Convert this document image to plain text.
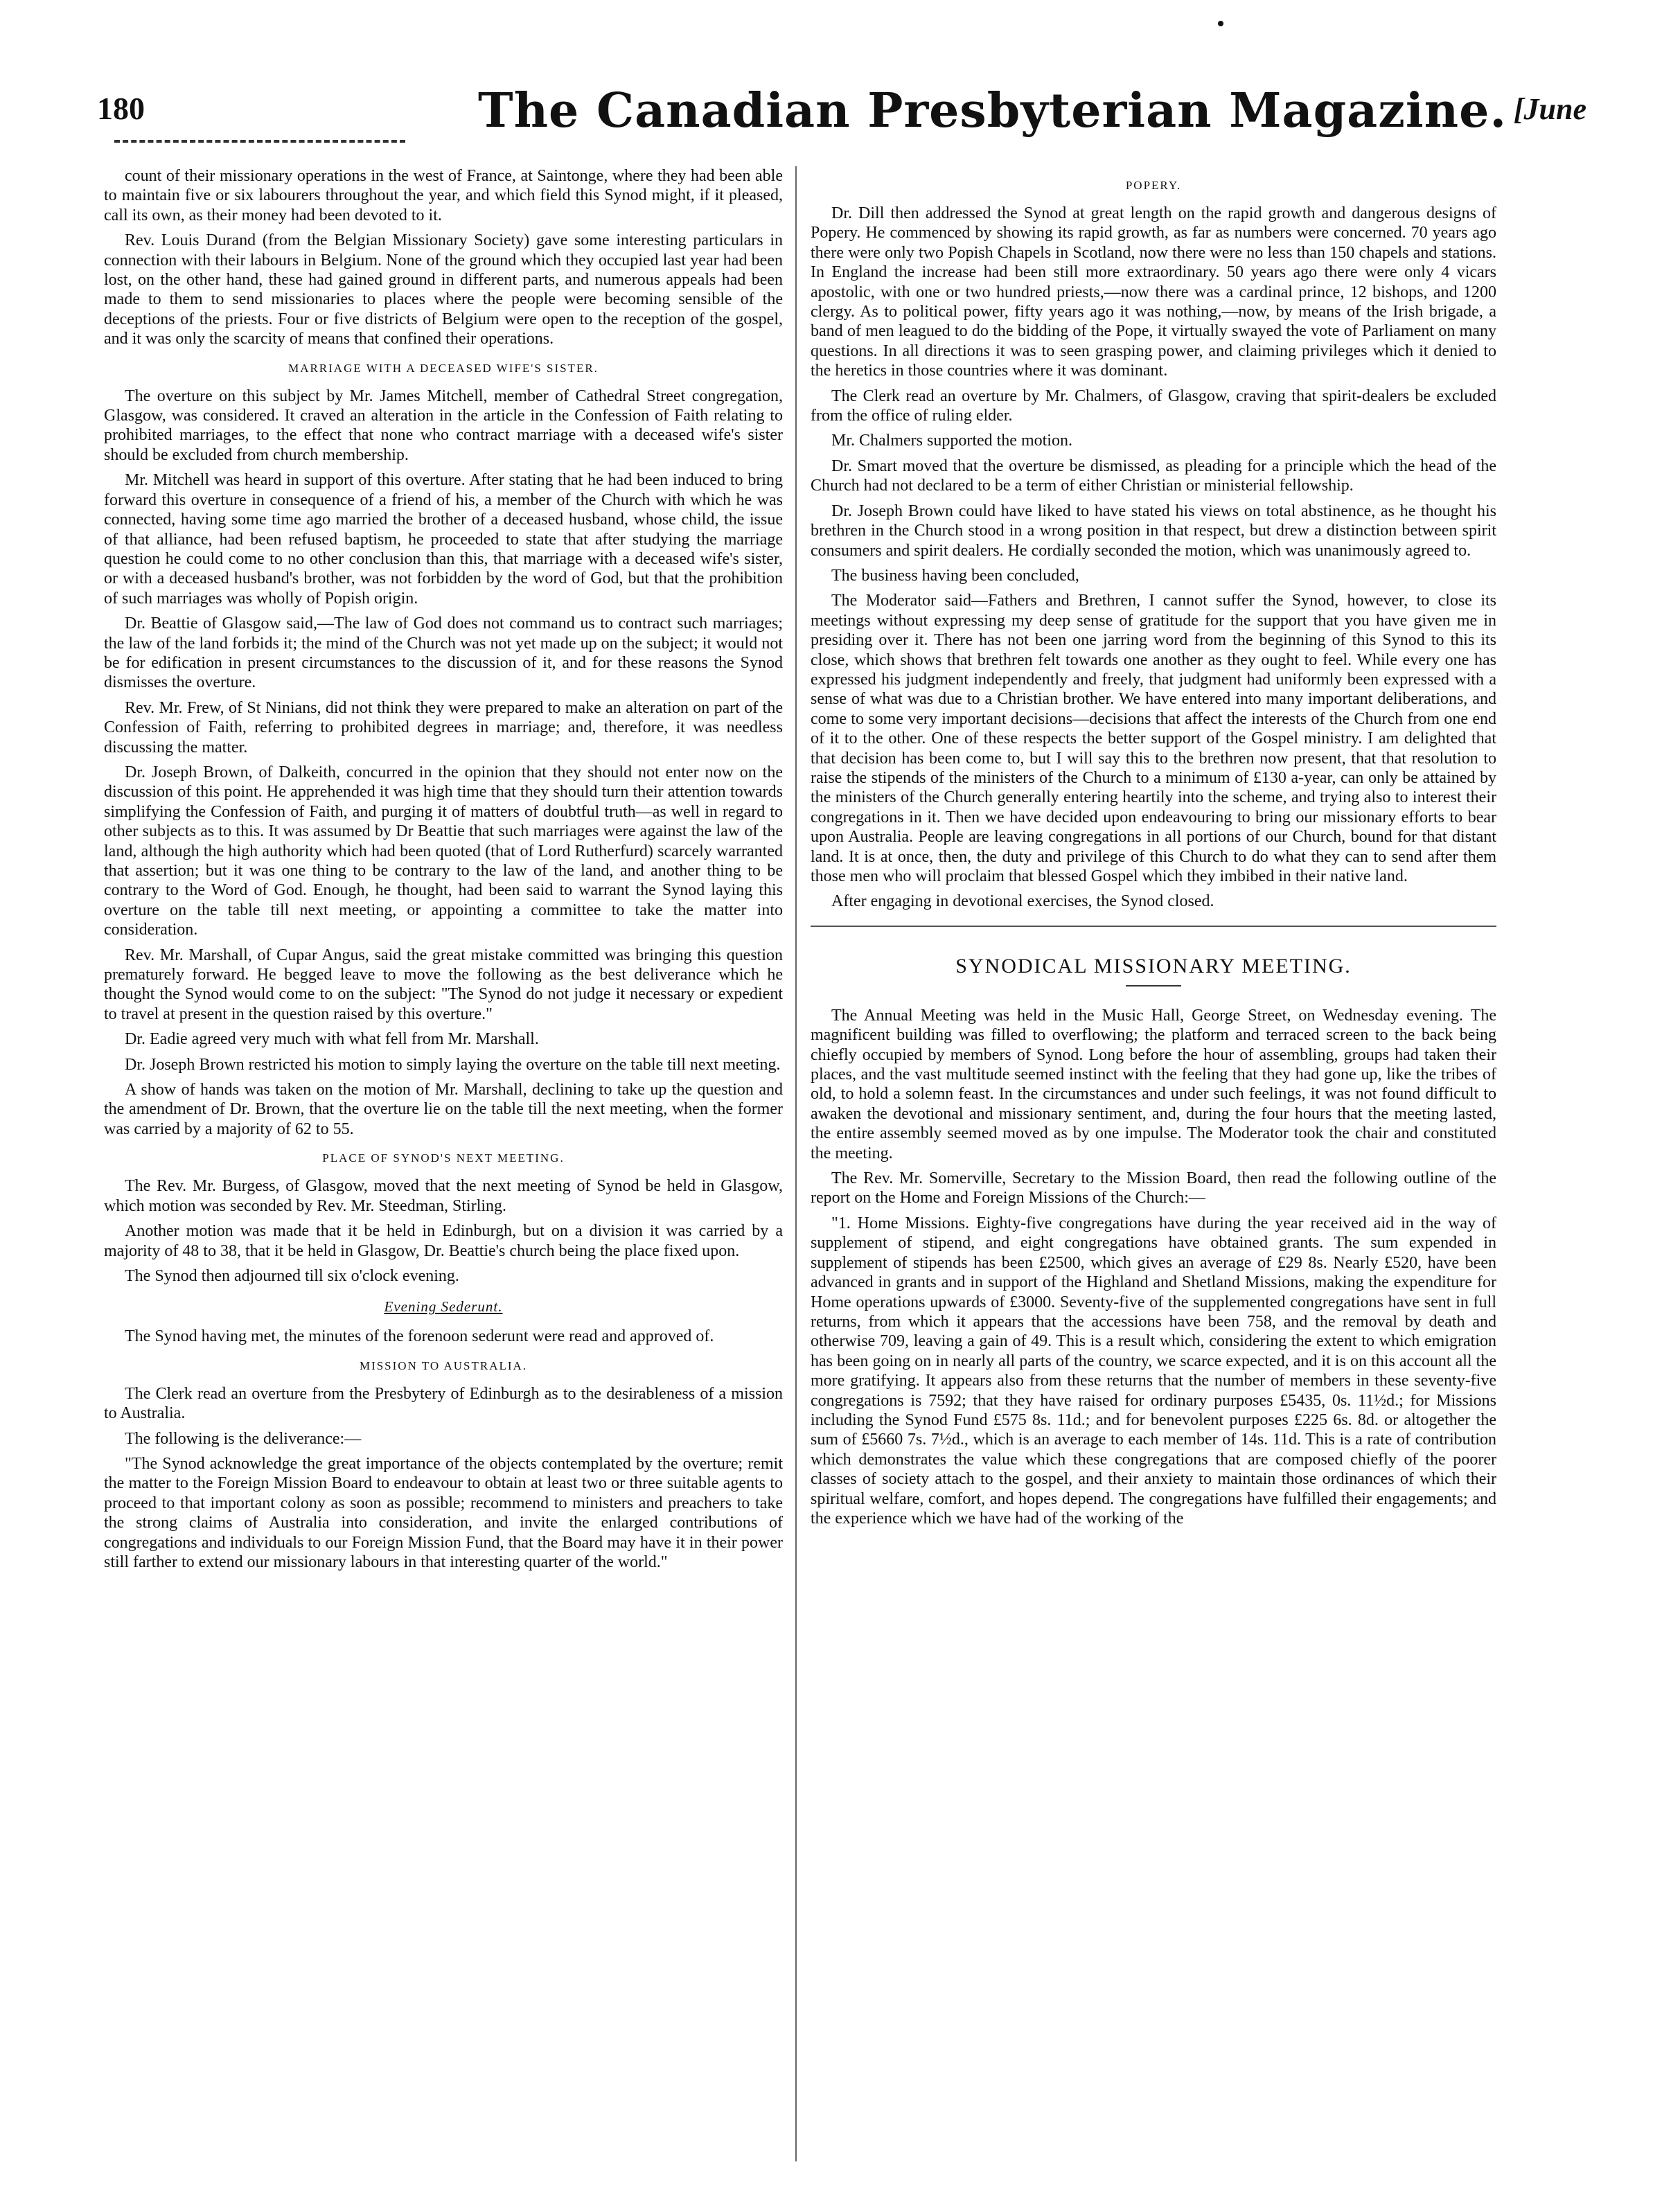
180	The Canadian Presbyterian Magazine. [June

count of their missionary operations in the west of France, at Saintonge, where they had been able to maintain five or six labourers throughout the year, and which field this Synod might, if it pleased, call its own, as their money had been devoted to it.

Rev. Louis Durand (from the Belgian Missionary Society) gave some interesting particulars in connection with their labours in Belgium. None of the ground which they occupied last year had been lost, on the other hand, these had gained ground in different parts, and numerous appeals had been made to them to send missionaries to places where the people were becoming sensible of the deceptions of the priests. Four or five districts of Belgium were open to the reception of the gospel, and it was only the scarcity of means that confined their operations.

MARRIAGE WITH A DECEASED WIFE'S SISTER.

The overture on this subject by Mr. James Mitchell, member of Cathedral Street congregation, Glasgow, was considered. It craved an alteration in the article in the Confession of Faith relating to prohibited marriages, to the effect that none who contract marriage with a deceased wife's sister should be excluded from church membership.

Mr. Mitchell was heard in support of this overture. After stating that he had been induced to bring forward this overture in consequence of a friend of his, a member of the Church with which he was connected, having some time ago married the brother of a deceased husband, whose child, the issue of that alliance, had been refused baptism, he proceeded to state that after studying the marriage question he could come to no other conclusion than this, that marriage with a deceased wife's sister, or with a deceased husband's brother, was not forbidden by the word of God, but that the prohibition of such marriages was wholly of Popish origin.

Dr. Beattie of Glasgow said,—The law of God does not command us to contract such marriages; the law of the land forbids it; the mind of the Church was not yet made up on the subject; it would not be for edification in present circumstances to the discussion of it, and for these reasons the Synod dismisses the overture.

Rev. Mr. Frew, of St Ninians, did not think they were prepared to make an alteration on part of the Confession of Faith, referring to prohibited degrees in marriage; and, therefore, it was needless discussing the matter.

Dr. Joseph Brown, of Dalkeith, concurred in the opinion that they should not enter now on the discussion of this point. He apprehended it was high time that they should turn their attention towards simplifying the Confession of Faith, and purging it of matters of doubtful truth—as well in regard to other subjects as to this. It was assumed by Dr Beattie that such marriages were against the law of the land, although the high authority which had been quoted (that of Lord Rutherfurd) scarcely warranted that assertion; but it was one thing to be contrary to the law of the land, and another thing to be contrary to the Word of God. Enough, he thought, had been said to warrant the Synod laying this overture on the table till next meeting, or appointing a committee to take the matter into consideration.

Rev. Mr. Marshall, of Cupar Angus, said the great mistake committed was bringing this question prematurely forward. He begged leave to move the following as the best deliverance which he thought the Synod would come to on the subject: "The Synod do not judge it necessary or expedient to travel at present in the question raised by this overture."

Dr. Eadie agreed very much with what fell from Mr. Marshall.

Dr. Joseph Brown restricted his motion to simply laying the overture on the table till next meeting.

A show of hands was taken on the motion of Mr. Marshall, declining to take up the question and the amendment of Dr. Brown, that the overture lie on the table till the next meeting, when the former was carried by a majority of 62 to 55.

PLACE OF SYNOD'S NEXT MEETING.

The Rev. Mr. Burgess, of Glasgow, moved that the next meeting of Synod be held in Glasgow, which motion was seconded by Rev. Mr. Steedman, Stirling.

Another motion was made that it be held in Edinburgh, but on a division it was carried by a majority of 48 to 38, that it be held in Glasgow, Dr. Beattie's church being the place fixed upon.

The Synod then adjourned till six o'clock evening.

Evening Sederunt.

The Synod having met, the minutes of the forenoon sederunt were read and approved of.

MISSION TO AUSTRALIA.

The Clerk read an overture from the Presbytery of Edinburgh as to the desirableness of a mission to Australia.

The following is the deliverance:—

"The Synod acknowledge the great importance of the objects contemplated by the overture; remit the matter to the Foreign Mission Board to endeavour to obtain at least two or three suitable agents to proceed to that important colony as soon as possible; recommend to ministers and preachers to take the strong claims of Australia into consideration, and invite the enlarged contributions of congregations and individuals to our Foreign Mission Fund, that the Board may have it in their power still farther to extend our missionary labours in that interesting quarter of the world."

POPERY.

Dr. Dill then addressed the Synod at great length on the rapid growth and dangerous designs of Popery. He commenced by showing its rapid growth, as far as numbers were concerned. 70 years ago there were only two Popish Chapels in Scotland, now there were no less than 150 chapels and stations. In England the increase had been still more extraordinary. 50 years ago there were only 4 vicars apostolic, with one or two hundred priests,—now there was a cardinal prince, 12 bishops, and 1200 clergy. As to political power, fifty years ago it was nothing,—now, by means of the Irish brigade, a band of men leagued to do the bidding of the Pope, it virtually swayed the vote of Parliament on many questions. In all directions it was to seen grasping power, and claiming privileges which it denied to the heretics in those countries where it was dominant.

The Clerk read an overture by Mr. Chalmers, of Glasgow, craving that spirit-dealers be excluded from the office of ruling elder.

Mr. Chalmers supported the motion.

Dr. Smart moved that the overture be dismissed, as pleading for a principle which the head of the Church had not declared to be a term of either Christian or ministerial fellowship.

Dr. Joseph Brown could have liked to have stated his views on total abstinence, as he thought his brethren in the Church stood in a wrong position in that respect, but drew a distinction between spirit consumers and spirit dealers. He cordially seconded the motion, which was unanimously agreed to.

The business having been concluded,

The Moderator said—Fathers and Brethren, I cannot suffer the Synod, however, to close its meetings without expressing my deep sense of gratitude for the support that you have given me in presiding over it. There has not been one jarring word from the beginning of this Synod to this its close, which shows that brethren felt towards one another as they ought to feel. While every one has expressed his judgment independently and freely, that judgment had uniformly been expressed with a sense of what was due to a Christian brother. We have entered into many important deliberations, and come to some very important decisions—decisions that affect the interests of the Church from one end of it to the other. One of these respects the better support of the Gospel ministry. I am delighted that that decision has been come to, but I will say this to the brethren now present, that that resolution to raise the stipends of the ministers of the Church to a minimum of £130 a-year, can only be attained by the ministers of the Church generally entering heartily into the scheme, and trying also to interest their congregations in it. Then we have decided upon endeavouring to bring our missionary efforts to bear upon Australia. People are leaving congregations in all portions of our Church, bound for that distant land. It is at once, then, the duty and privilege of this Church to do what they can to send after them those men who will proclaim that blessed Gospel which they imbibed in their native land.

After engaging in devotional exercises, the Synod closed.

SYNODICAL MISSIONARY MEETING.

The Annual Meeting was held in the Music Hall, George Street, on Wednesday evening. The magnificent building was filled to overflowing; the platform and terraced screen to the back being chiefly occupied by members of Synod. Long before the hour of assembling, groups had taken their places, and the vast multitude seemed instinct with the feeling that they had gone up, like the tribes of old, to hold a solemn feast. In the circumstances and under such feelings, it was not found difficult to awaken the devotional and missionary sentiment, and, during the four hours that the meeting lasted, the entire assembly seemed moved as by one impulse. The Moderator took the chair and constituted the meeting.

The Rev. Mr. Somerville, Secretary to the Mission Board, then read the following outline of the report on the Home and Foreign Missions of the Church:—

"1. Home Missions. Eighty-five congregations have during the year received aid in the way of supplement of stipend, and eight congregations have obtained grants. The sum expended in supplement of stipends has been £2500, which gives an average of £29 8s. Nearly £520, have been advanced in grants and in support of the Highland and Shetland Missions, making the expenditure for Home operations upwards of £3000. Seventy-five of the supplemented congregations have sent in full returns, from which it appears that the accessions have been 758, and the removal by death and otherwise 709, leaving a gain of 49. This is a result which, considering the extent to which emigration has been going on in nearly all parts of the country, we scarce expected, and it is on this account all the more gratifying. It appears also from these returns that the number of members in these seventy-five congregations is 7592; that they have raised for ordinary purposes £5435, 0s. 11½d.; for Missions including the Synod Fund £575 8s. 11d.; and for benevolent purposes £225 6s. 8d. or altogether the sum of £5660 7s. 7½d., which is an average to each member of 14s. 11d. This is a rate of contribution which demonstrates the value which these congregations that are composed chiefly of the poorer classes of society attach to the gospel, and their anxiety to maintain those ordinances of which their spiritual welfare, comfort, and hopes depend. The congregations have fulfilled their engagements; and the experience which we have had of the working of the
